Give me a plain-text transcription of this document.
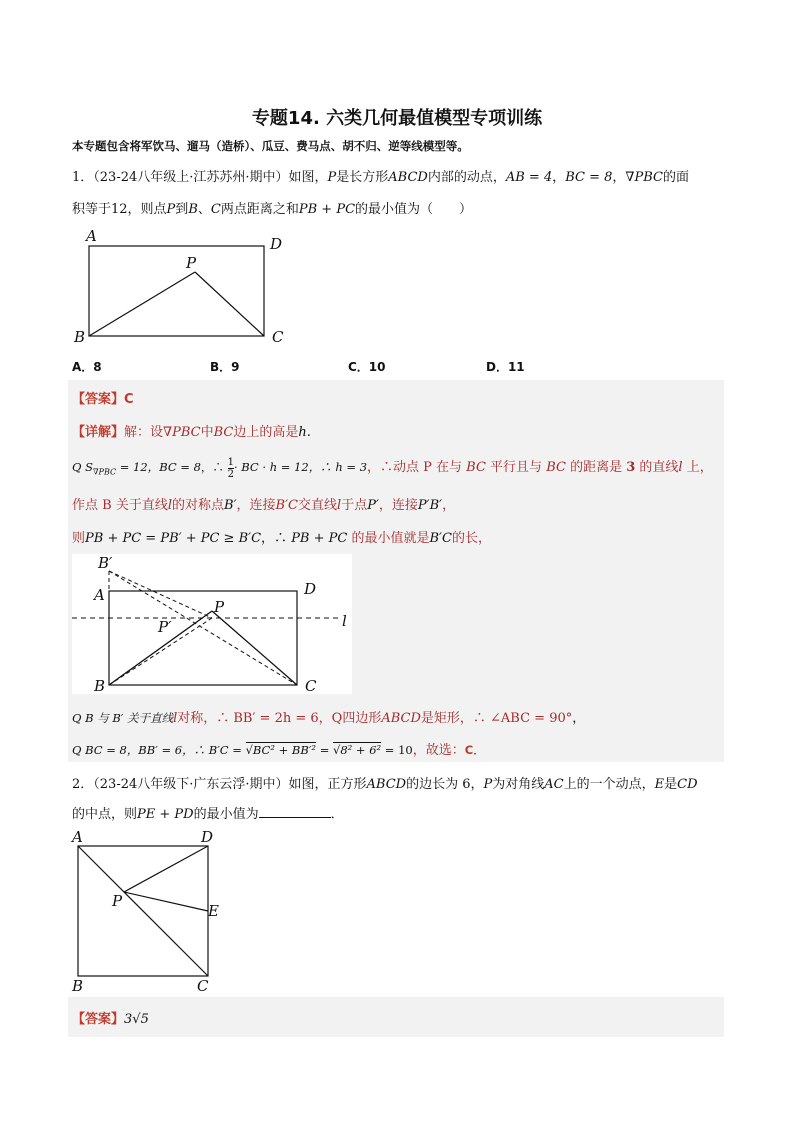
专题14. 六类几何最值模型专项训练
本专题包含将军饮马、遛马（造桥）、瓜豆、费马点、胡不归、逆等线模型等。
1．（23-24八年级上·江苏苏州·期中）如图，P是长方形ABCD内部的动点，AB = 4，BC = 8，∇PBC的面
积等于12，则点P到B、C两点距离之和PB + PC的最小值为（　　）
A	D
P
B	C
A．8	B．9	C．10	D．11
【答案】C
【详解】解：设∇PBC中BC边上的高是h.
Q $S_{\nabla PBC} = 12$，BC = 8，∴ $\frac{1}{2}$ · BC · h = 12，∴ h = 3，∴动点 P 在与 BC 平行且与 BC 的距离是 3 的直线l 上，
作点 B 关于直线l的对称点B′，连接B′C交直线l于点P′，连接P′B′，
则PB + PC = PB′ + PC ≥ B′C，∴ PB + PC 的最小值就是B′C的长，
B′
A	D
P
P′	l
B	C
Q B 与 B′ 关于直线l对称，∴ BB′ = 2h = 6，Q四边形ABCD是矩形，∴ ∠ABC = 90°，
Q BC = 8，BB′ = 6，∴ B′C = √BC² + BB′² = √8² + 6² = 10，故选：C．
2．（23-24八年级下·广东云浮·期中）如图，正方形ABCD的边长为 6，P为对角线AC上的一个动点，E是CD
的中点，则PE + PD的最小值为	．
A	D
P
E
B	C
【答案】3√5
